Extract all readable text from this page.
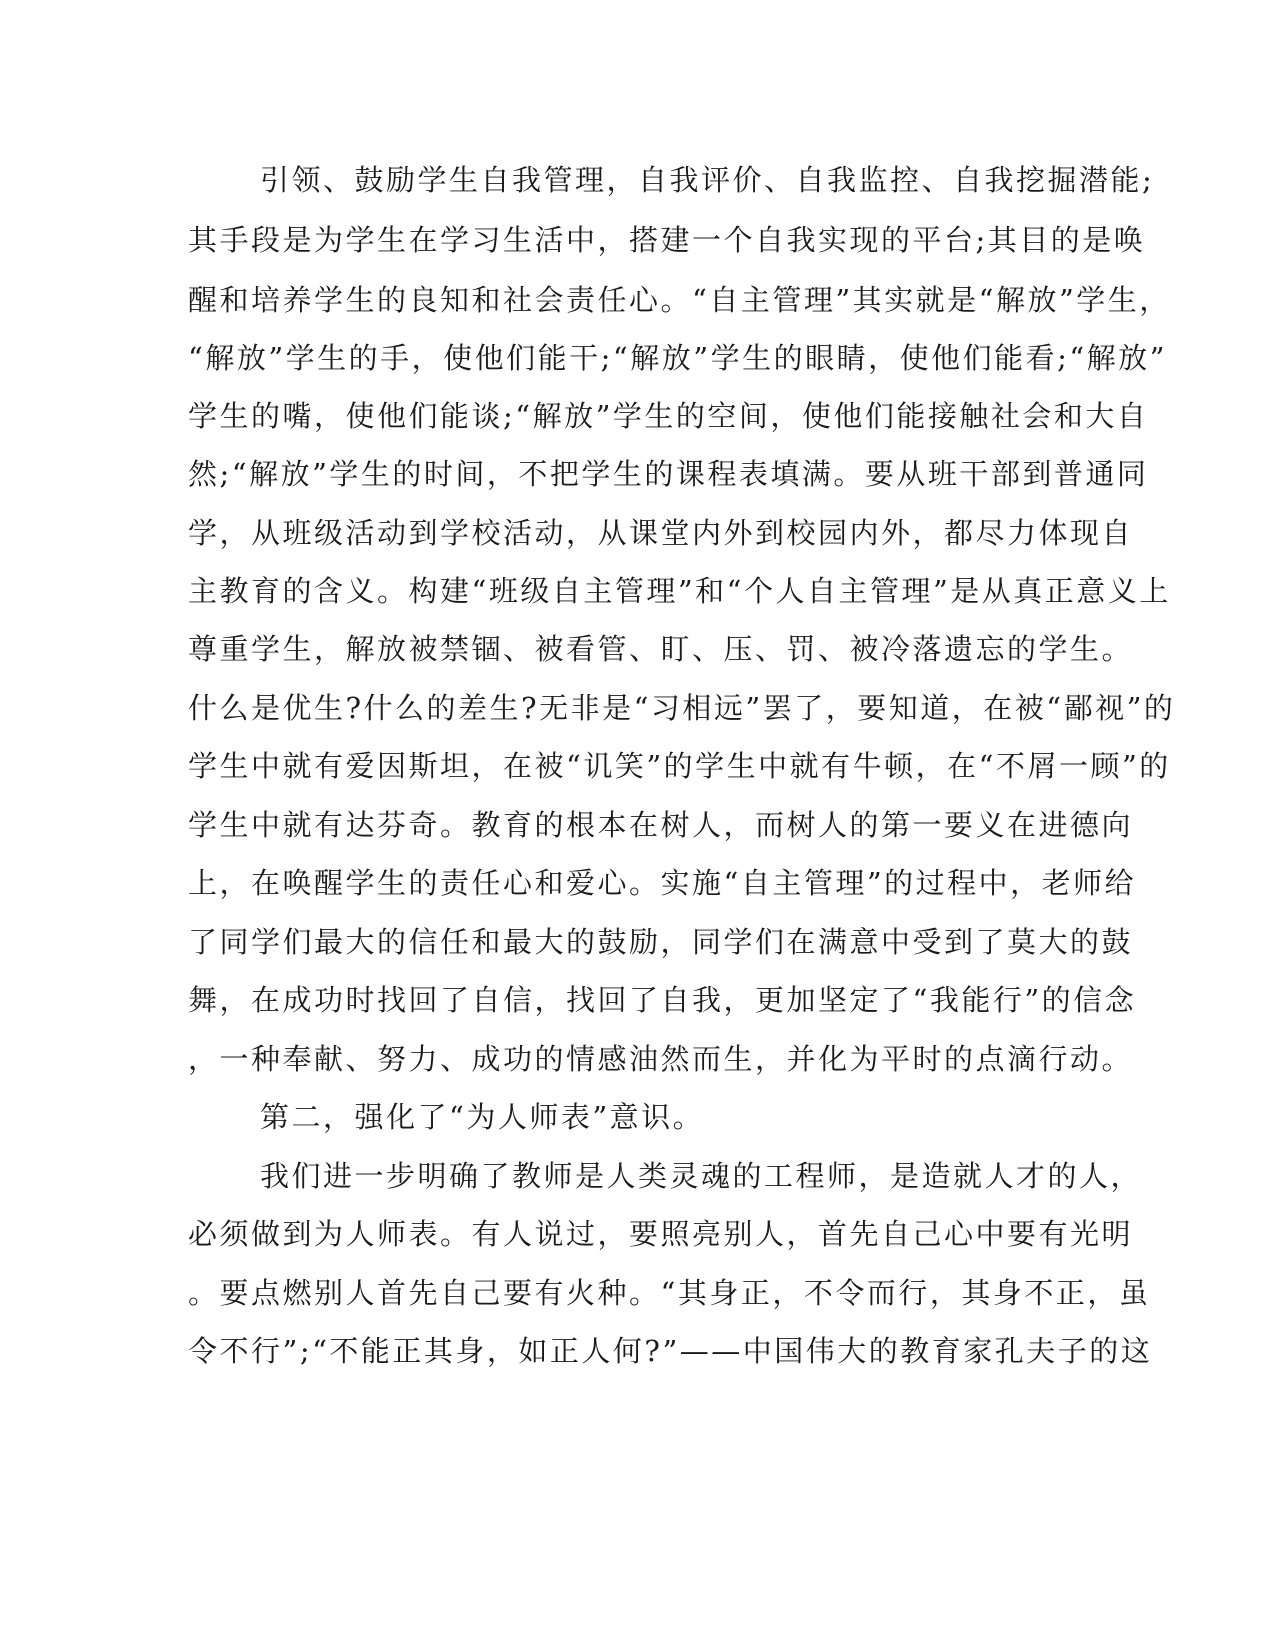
引领、鼓励学生自我管理，自我评价、自我监控、自我挖掘潜能;
其手段是为学生在学习生活中，搭建一个自我实现的平台;其目的是唤
醒和培养学生的良知和社会责任心。“自主管理”其实就是“解放”学生，
“解放”学生的手，使他们能干;“解放”学生的眼睛，使他们能看;“解放”
学生的嘴，使他们能谈;“解放”学生的空间，使他们能接触社会和大自
然;“解放”学生的时间，不把学生的课程表填满。要从班干部到普通同
学，从班级活动到学校活动，从课堂内外到校园内外，都尽力体现自
主教育的含义。构建“班级自主管理”和“个人自主管理”是从真正意义上
尊重学生，解放被禁锢、被看管、盯、压、罚、被冷落遗忘的学生。
什么是优生?什么的差生?无非是“习相远”罢了，要知道，在被“鄙视”的
学生中就有爱因斯坦，在被“讥笑”的学生中就有牛顿，在“不屑一顾”的
学生中就有达芬奇。教育的根本在树人，而树人的第一要义在进德向
上，在唤醒学生的责任心和爱心。实施“自主管理”的过程中，老师给
了同学们最大的信任和最大的鼓励，同学们在满意中受到了莫大的鼓
舞，在成功时找回了自信，找回了自我，更加坚定了“我能行”的信念
，一种奉献、努力、成功的情感油然而生，并化为平时的点滴行动。
第二，强化了“为人师表”意识。
我们进一步明确了教师是人类灵魂的工程师，是造就人才的人，
必须做到为人师表。有人说过，要照亮别人，首先自己心中要有光明
。要点燃别人首先自己要有火种。“其身正，不令而行，其身不正，虽
令不行”;“不能正其身，如正人何?”——中国伟大的教育家孔夫子的这
